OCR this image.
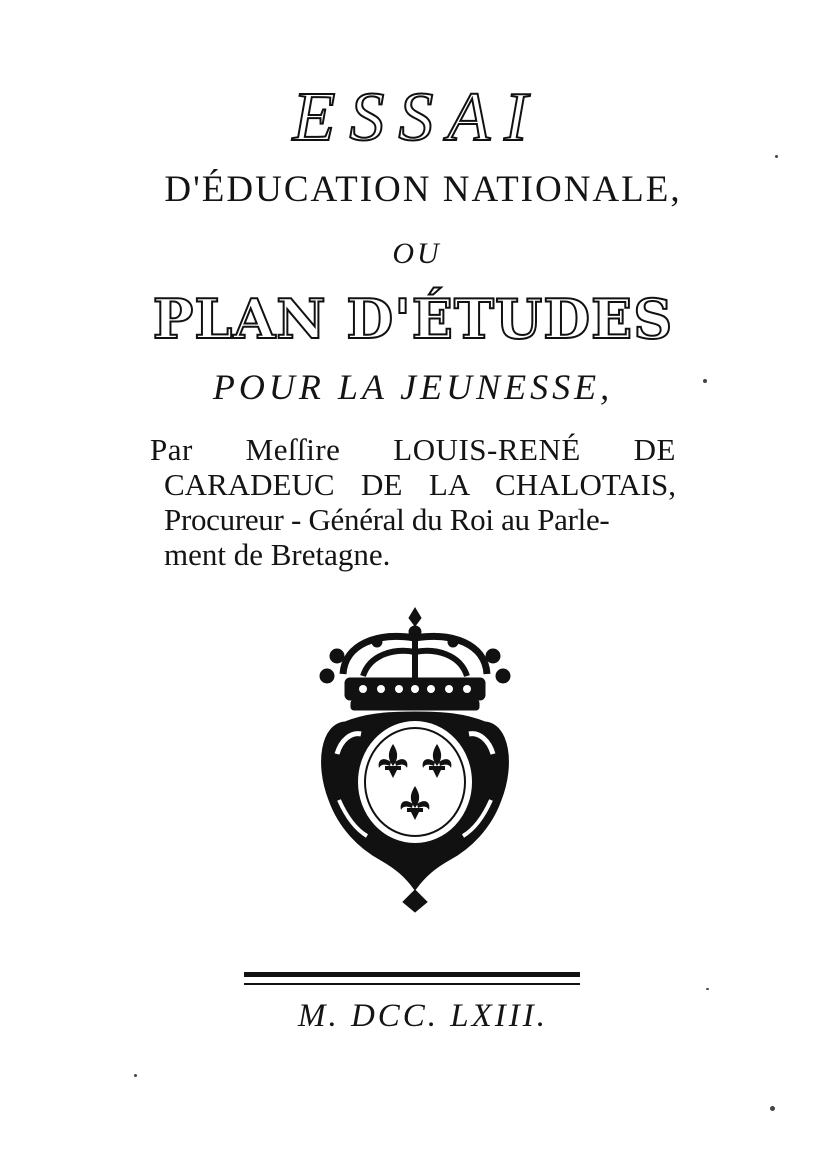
ESSAI
D'ÉDUCATION NATIONALE,
OU
PLAN D'ÉTUDES
POUR LA JEUNESSE,
Par Meſſire LOUIS-RENÉ DE
CARADEUC DE LA CHALOTAIS,
Procureur - Général du Roi au Parle-
ment de Bretagne.
M. DCC. LXIII.
